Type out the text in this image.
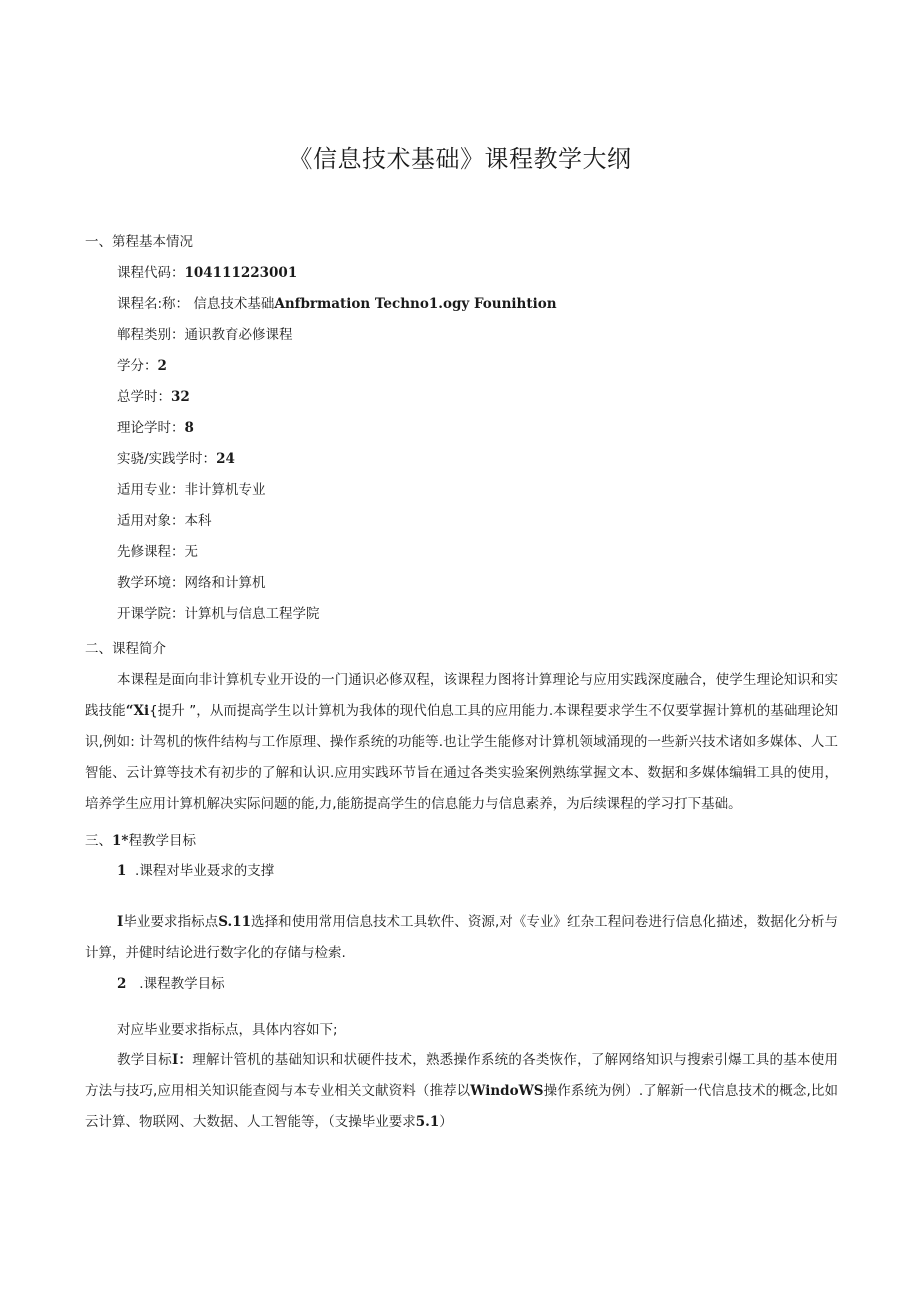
《信息技术基础》课程教学大纲
一、第程基本情况
课程代码：104111223001
课程名:称： 信息技术基础Anfbrmation Techno1.ogy Founihtion
郸程类别：通识教育必修课程
学分：2
总学时：32
理论学时：8
实骁/实践学时：24
适用专业：非计算机专业
适用对象：本科
先修课程：无
教学环境：网络和计算机
开课学院：计算机与信息工程学院
二、课程简介
本课程是面向非计算机专业开设的一门通识必修双程，该课程力图将计算理论与应用实践深度融合，使学生理论知识和实践技能“Xi{提升 ”，从而提高学生以计算机为我体的现代伯息工具的应用能力.本课程要求学生不仅要掌握计算机的基础理论知识,例如: 计驾机的恢件结构与工作原理、操作系统的功能等.也让学生能修对计算机领域涌现的一些新兴技术诸如多媒体、人工智能、云计算等技术有初步的了解和认识.应用实践环节旨在通过各类实验案例熟练掌握文本、数据和多媒体编辑工具的使用，培养学生应用计算机解决实际问题的能,力,能筋提高学生的信息能力与信息素养，为后续课程的学习打下基础。
三、1*程教学目标
1 .课程对毕业聂求的支撑
I毕业要求指标点S.11选择和使用常用信息技术工具软件、资源,对《专业》红杂工程问卷进行信息化描述，数据化分析与计算，并健时结论进行数字化的存储与检索.
2 .课程教学目标
对应毕业要求指标点，具体内容如下;
教学目标I：理解计管机的基础知识和状硬件技术，熟悉操作系统的各类恢作，了解网络知识与搜索引爆工具的基本使用方法与技巧,应用相关知识能查阅与本专业相关文献资料（推荐以WindoWS操作系统为例）.了解新一代信息技术的概念,比如云计算、物联网、大数据、人工智能等，（支操毕业要求5.1）
